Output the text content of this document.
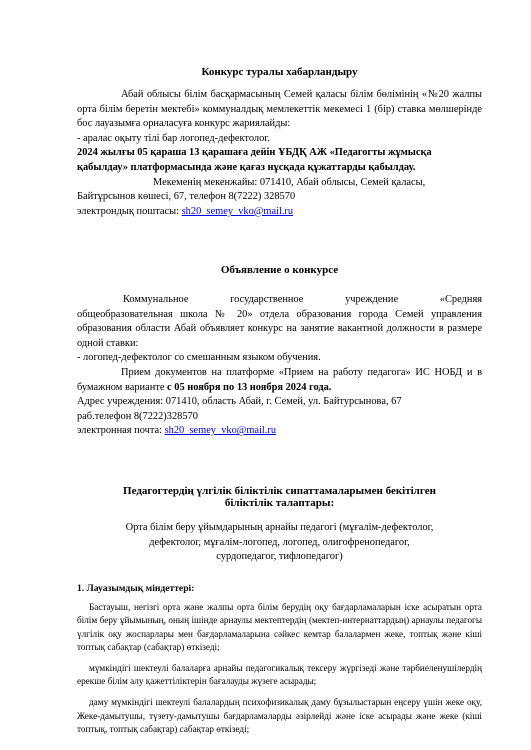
Конкурс туралы хабарландыру

Абай облысы білім басқармасының Семей қаласы білім бөлімінің «№20 жалпы орта білім беретін мектебі» коммуналдық мемлекеттік мекемесі 1 (бір) ставка мөлшерінде бос лауазымға орналасуға конкурс жариялайды:

- аралас оқыту тілі бар логопед-дефектолог.

2024 жылғы 05 қараша 13 қарашаға дейін ҰБДҚ АЖ «Педагогты жұмысқа қабылдау» платформасында және қағаз нұсқада құжаттарды қабылдау.

Мекеменің мекенжайы: 071410, Абай облысы, Семей қаласы,

Байтұрсынов көшесі, 67, телефон 8(7222) 328570

электрондық поштасы: sh20_semey_vko@mail.ru

Объявление о конкурсе

Коммунальное	государственное	учреждение	«Средняя

общеобразовательная школа № 20» отдела образования города Семей управления образования области Абай объявляет конкурс на занятие вакантной должности в размере одной ставки:

- логопед-дефектолог со смешанным языком обучения.

Прием документов на платформе «Прием на работу педагога» ИС НОБД и в бумажном варианте с 05 ноября по 13 ноября 2024 года.

Адрес учреждения: 071410, область Абай, г. Семей, ул. Байтурсынова, 67

раб.телефон 8(7222)328570

электронная почта: sh20_semey_vko@mail.ru

Педагогтердің үлгілік біліктілік сипаттамаларымен бекітілген
біліктілік талаптары:

Орта білім беру ұйымдарының арнайы педагогі (мұғалім-дефектолог,

дефектолог, мұғалім-логопед, логопед, олигофренопедагог,

сурдопедагог, тифлопедагог)

1. Лауазымдық міндеттері:

Бастауыш, негізгі орта және жалпы орта білім берудің оқу бағдарламаларын іске асыратын орта білім беру ұйымының, оның ішінде арнаулы мектептердің (мектеп-интернаттардың) арнаулы педагогы үлгілік оқу жоспарлары мен бағдарламаларына сәйкес кемтар балалармен жеке, топтық және кіші топтық сабақтар (сабақтар) өткізеді;

мүмкіндігі шектеулі балаларға арнайы педагогикалық тексеру жүргізеді және тәрбиеленушілердің ерекше білім алу қажеттіліктерін бағалауды жүзеге асырады;

даму мүмкіндігі шектеулі балалардың психофизикалық даму бұзылыстарын еңсеру үшін жеке оқу, Жеке-дамытушы, түзету-дамытушы бағдарламаларды әзірлейді және іске асырады және жеке (кіші топтық, топтық сабақтар) сабақтар өткізеді;
